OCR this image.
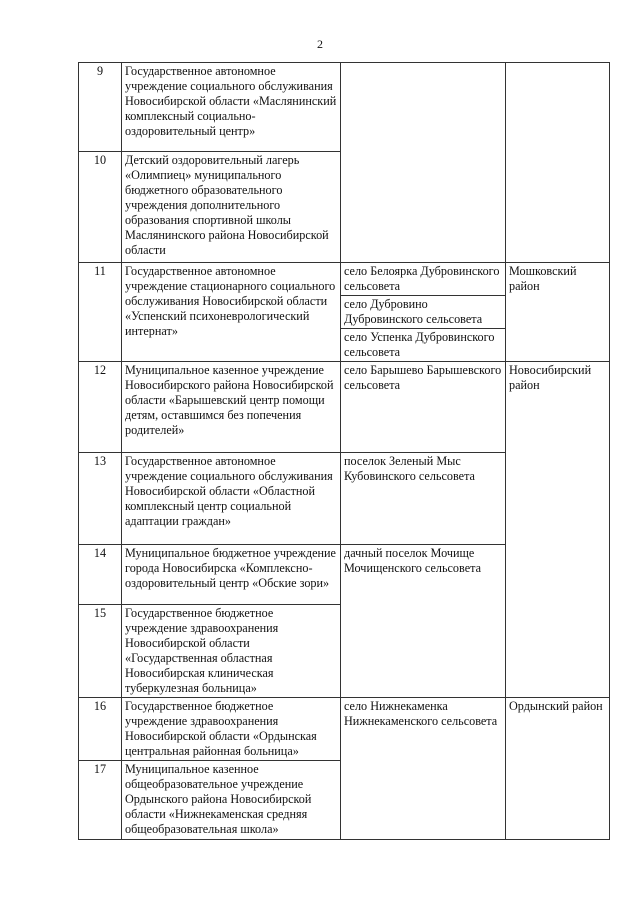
2
9	Государственное автономное учреждение социального обслуживания Новосибирской области «Маслянинский комплексный социально-оздоровительный центр»		
10	Детский оздоровительный лагерь «Олимпиец» муниципального бюджетного образовательного учреждения дополнительного образования спортивной школы Маслянинского района Новосибирской области		
11	Государственное автономное учреждение стационарного социального обслуживания Новосибирской области «Успенский психоневрологический интернат»	село Белоярка Дубровинского сельсовета	Мошковский район
		село Дубровино Дубровинского сельсовета	
		село Успенка Дубровинского сельсовета	
12	Муниципальное казенное учреждение Новосибирского района Новосибирской области «Барышевский центр помощи детям, оставшимся без попечения родителей»	село Барышево Барышевского сельсовета	Новосибирский район
13	Государственное автономное учреждение социального обслуживания Новосибирской области «Областной комплексный центр социальной адаптации граждан»	поселок Зеленый Мыс Кубовинского сельсовета	
14	Муниципальное бюджетное учреждение города Новосибирска «Комплексно-оздоровительный центр «Обские зори»	дачный поселок Мочище Мочищенского сельсовета	
15	Государственное бюджетное учреждение здравоохранения Новосибирской области «Государственная областная Новосибирская клиническая туберкулезная больница»		
16	Государственное бюджетное учреждение здравоохранения Новосибирской области «Ордынская центральная районная больница»	село Нижнекаменка Нижнекаменского сельсовета	Ордынский район
17	Муниципальное казенное общеобразовательное учреждение Ордынского района Новосибирской области «Нижнекаменская средняя общеобразовательная школа»		
